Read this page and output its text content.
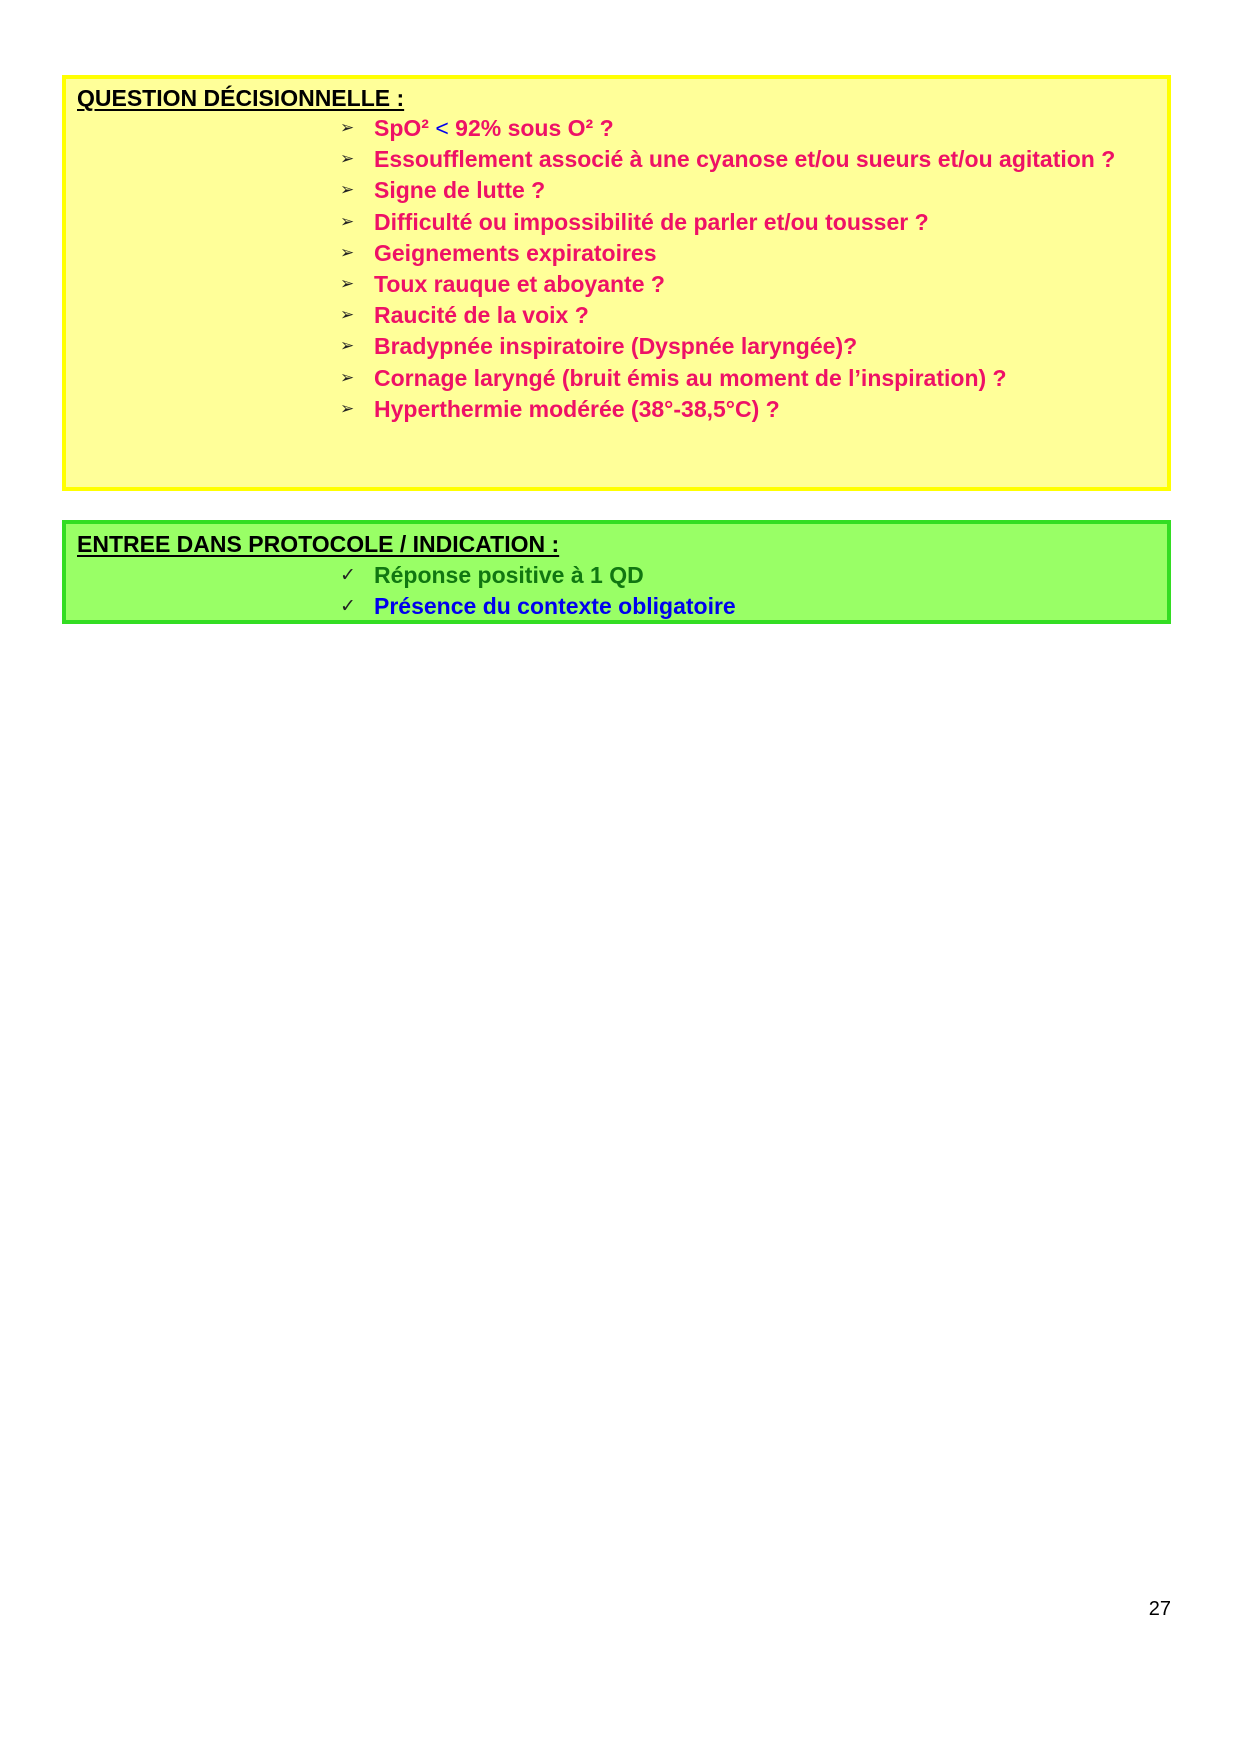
QUESTION DÉCISIONNELLE :
➢ SpO² < 92% sous O² ?
➢ Essoufflement associé à une cyanose et/ou sueurs et/ou agitation ?
➢ Signe de lutte ?
➢ Difficulté ou impossibilité de parler et/ou tousser ?
➢ Geignements expiratoires
➢ Toux rauque et aboyante ?
➢ Raucité de la voix ?
➢ Bradypnée inspiratoire (Dyspnée laryngée)?
➢ Cornage laryngé (bruit émis au moment de l’inspiration) ?
➢ Hyperthermie modérée (38°-38,5°C) ?
ENTREE DANS PROTOCOLE / INDICATION :
✓ Réponse positive à 1 QD
✓ Présence du contexte obligatoire
27
